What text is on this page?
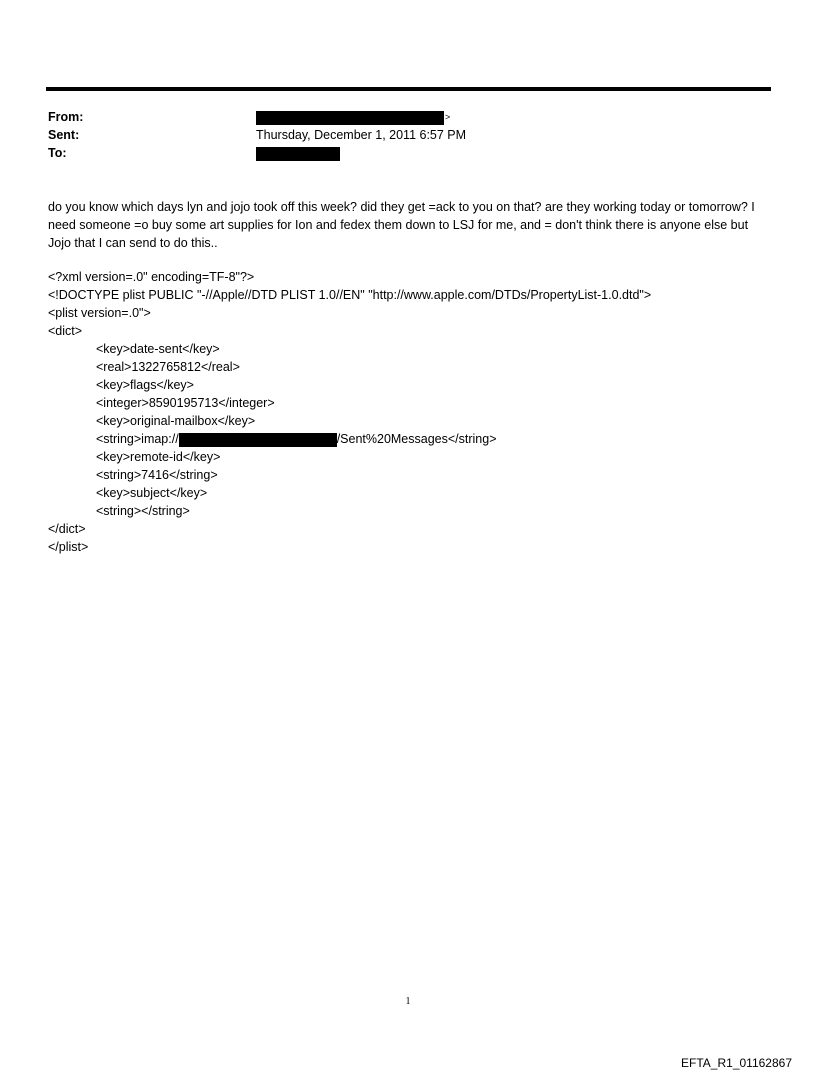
From:	>
Sent:	Thursday, December 1, 2011 6:57 PM
To:

do you know which days lyn and jojo took off this week? did they get =ack to you on that? are they working today or tomorrow? I need someone =o buy some art supplies for Ion and fedex them down to LSJ for me, and = don't think there is anyone else but Jojo that I can send to do this..

<?xml version=.0" encoding=TF-8"?>
<!DOCTYPE plist PUBLIC "-//Apple//DTD PLIST 1.0//EN" "http://www.apple.com/DTDs/PropertyList-1.0.dtd">
<plist version=.0">
<dict>
<key>date-sent</key>
<real>1322765812</real>
<key>flags</key>
<integer>8590195713</integer>
<key>original-mailbox</key>
<string>imap://	/Sent%20Messages</string>
<key>remote-id</key>
<string>7416</string>
<key>subject</key>
<string></string>
</dict>
</plist>
1
EFTA_R1_01162867
